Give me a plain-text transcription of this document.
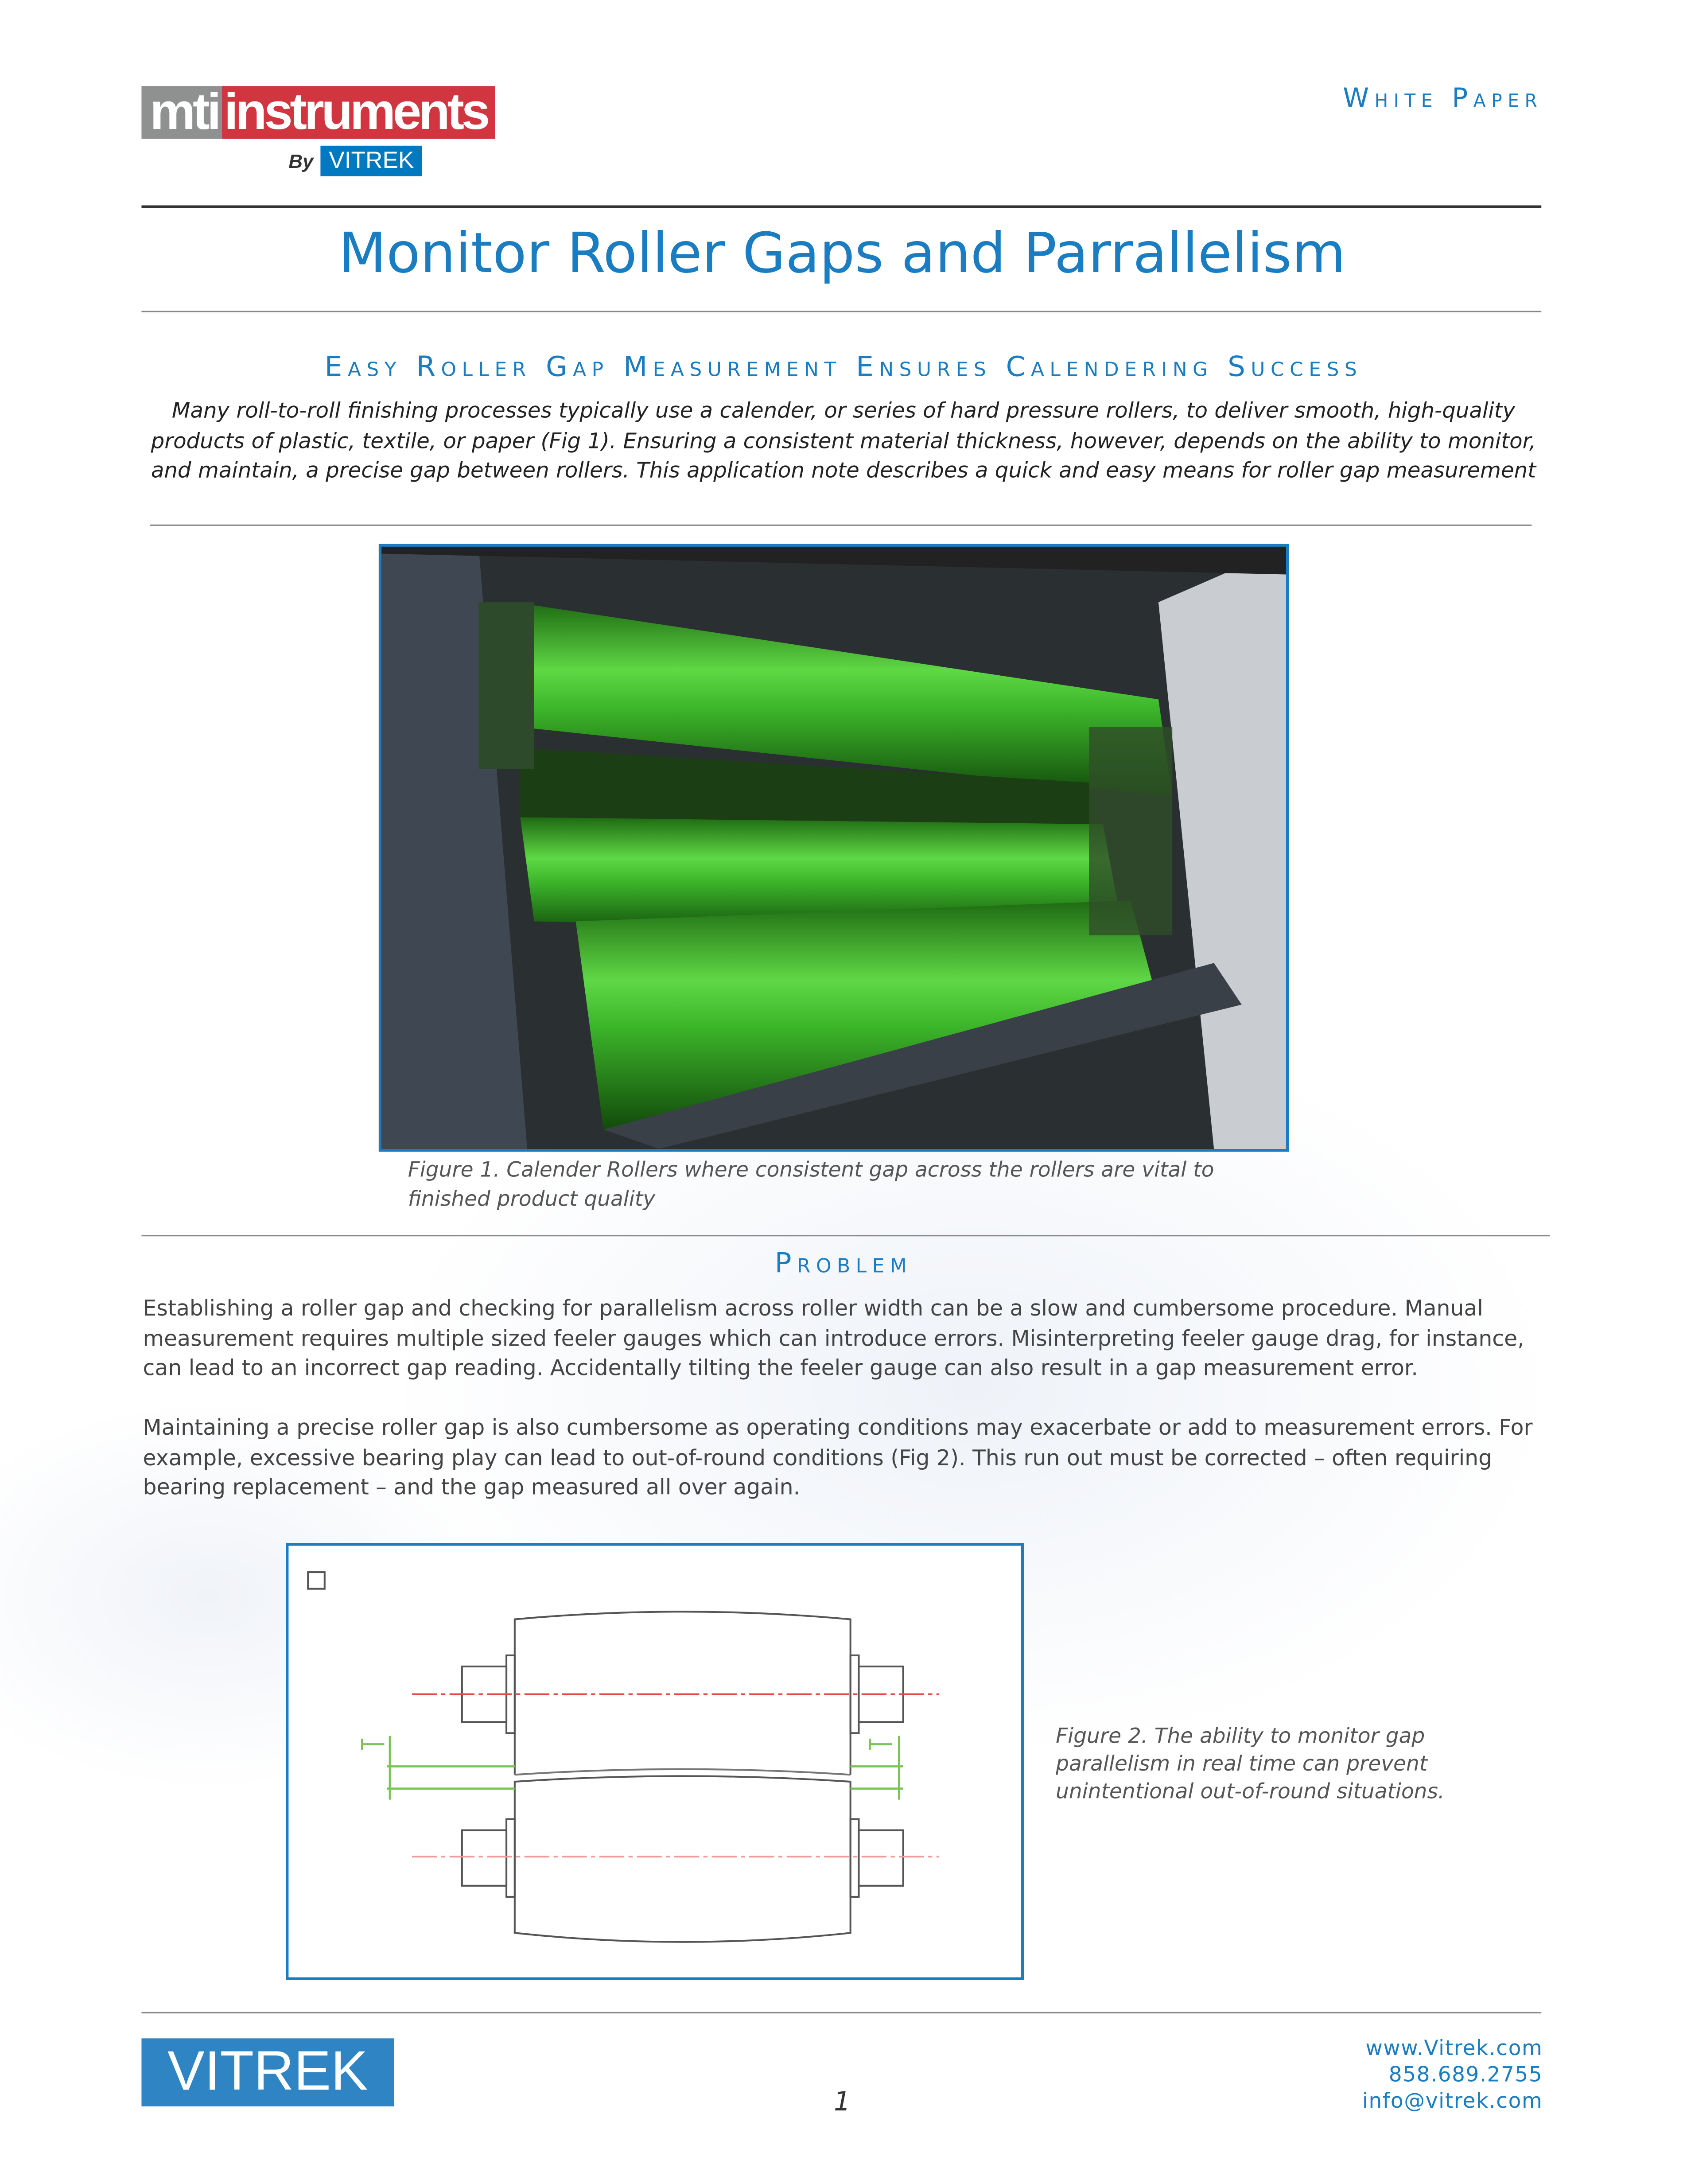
mti instruments
By	VITREK
White Paper
Monitor Roller Gaps and Parrallelism
Easy Roller Gap Measurement Ensures Calendering Success
Many roll-to-roll finishing processes typically use a calender, or series of hard pressure rollers, to deliver smooth, high-quality products of plastic, textile, or paper (Fig 1). Ensuring a consistent material thickness, however, depends on the ability to monitor, and maintain, a precise gap between rollers. This application note describes a quick and easy means for roller gap measurement
Figure 1. Calender Rollers where consistent gap across the rollers are vital to finished product quality
Problem
Establishing a roller gap and checking for parallelism across roller width can be a slow and cumbersome procedure. Manual measurement requires multiple sized feeler gauges which can introduce errors. Misinterpreting feeler gauge drag, for instance, can lead to an incorrect gap reading. Accidentally tilting the feeler gauge can also result in a gap measurement error.
Maintaining a precise roller gap is also cumbersome as operating conditions may exacerbate or add to measurement errors. For example, excessive bearing play can lead to out-of-round conditions (Fig 2). This run out must be corrected – often requiring bearing replacement – and the gap measured all over again.
Figure 2. The ability to monitor gap parallelism in real time can prevent unintentional out-of-round situations.
VITREK	1
www.Vitrek.com
858.689.2755
info@vitrek.com
